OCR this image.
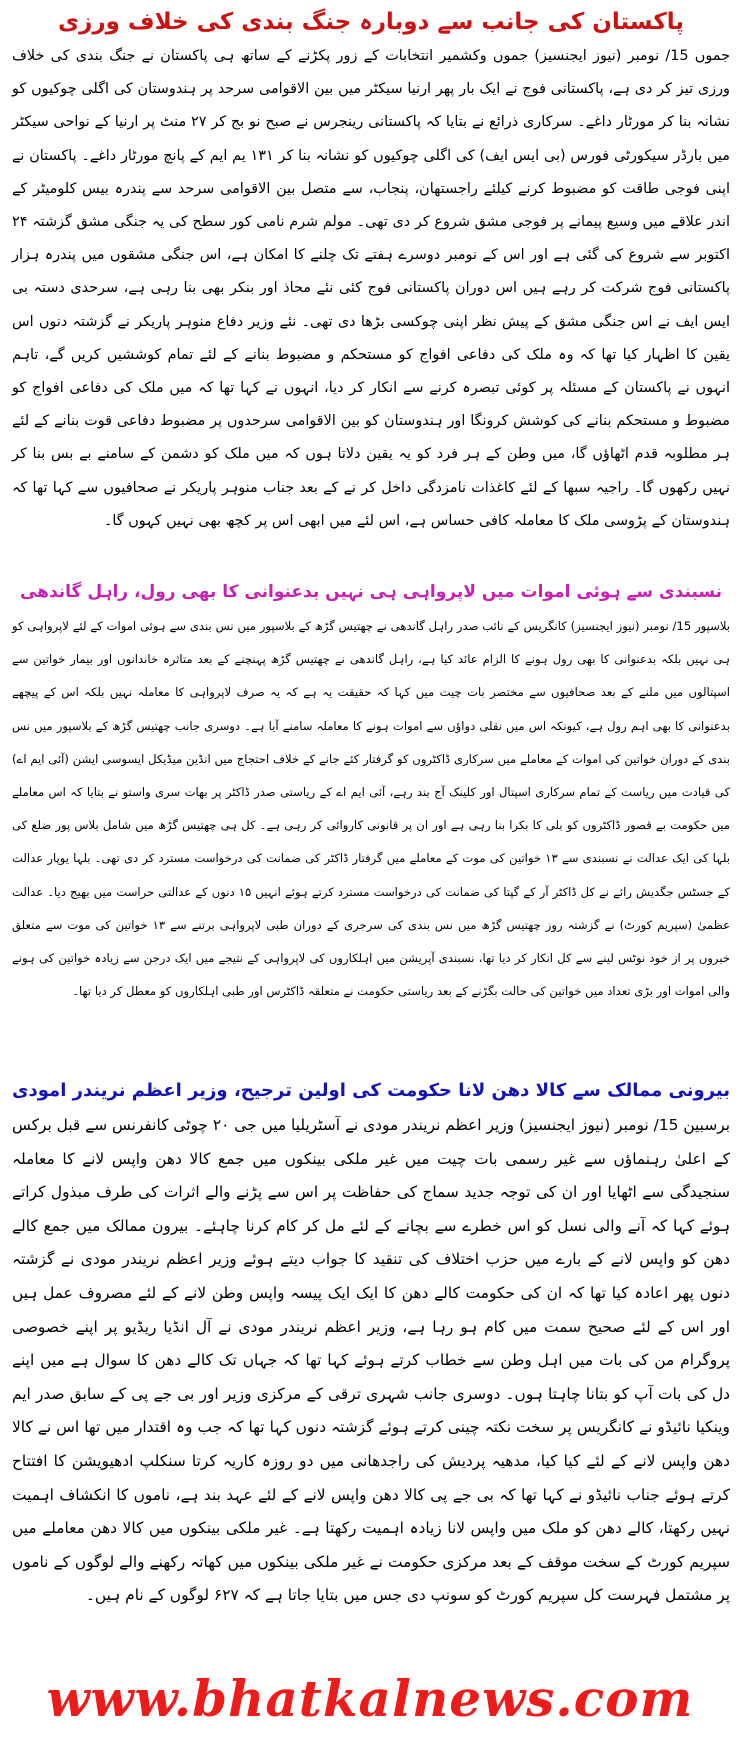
پاکستان کی جانب سے دوبارہ جنگ بندی کی خلاف ورزی

جموں 15/ نومبر (نیوز ایجنسیز) جموں وکشمیر انتخابات کے زور پکڑنے کے ساتھ ہی پاکستان نے جنگ بندی کی خلاف ورزی تیز کر دی ہے، پاکستانی فوج نے ایک بار پھر ارنیا سیکٹر میں بین الاقوامی سرحد پر ہندوستان کی اگلی چوکیوں کو نشانہ بنا کر مورٹار داغے۔ سرکاری ذرائع نے بتایا کہ پاکستانی رینجرس نے صبح نو بج کر ۲۷ منٹ پر ارنیا کے نواحی سیکٹر میں بارڈر سیکورٹی فورس (بی ایس ایف) کی اگلی چوکیوں کو نشانہ بنا کر ۱۳۱ یم ایم کے پانچ مورٹار داغے۔ پاکستان نے اپنی فوجی طاقت کو مضبوط کرنے کیلئے راجستھان، پنجاب، سے متصل بین الاقوامی سرحد سے پندرہ بیس کلومیٹر کے اندر علاقے میں وسیع پیمانے پر فوجی مشق شروع کر دی تھی۔ مولم شرم نامی کور سطح کی یہ جنگی مشق گزشتہ ۲۴ اکتوبر سے شروع کی گئی ہے اور اس کے نومبر دوسرے ہفتے تک چلنے کا امکان ہے، اس جنگی مشقوں میں پندرہ ہزار پاکستانی فوج شرکت کر رہے ہیں اس دوران پاکستانی فوج کئی نئے محاذ اور بنکر بھی بنا رہی ہے، سرحدی دستہ بی ایس ایف نے اس جنگی مشق کے پیش نظر اپنی چوکسی بڑھا دی تھی۔ نئے وزیر دفاع منوہر پاریکر نے گزشتہ دنوں اس یقین کا اظہار کیا تھا کہ وہ ملک کی دفاعی افواج کو مستحکم و مضبوط بنانے کے لئے تمام کوششیں کریں گے، تاہم انہوں نے پاکستان کے مسئلہ پر کوئی تبصرہ کرنے سے انکار کر دیا، انہوں نے کہا تھا کہ میں ملک کی دفاعی افواج کو مضبوط و مستحکم بنانے کی کوشش کرونگا اور ہندوستان کو بین الاقوامی سرحدوں پر مضبوط دفاعی قوت بنانے کے لئے ہر مطلوبہ قدم اٹھاؤں گا، میں وطن کے ہر فرد کو یہ یقین دلاتا ہوں کہ میں ملک کو دشمن کے سامنے بے بس بنا کر نہیں رکھوں گا۔ راجیہ سبھا کے لئے کاغذات نامزدگی داخل کر نے کے بعد جناب منوہر پاریکر نے صحافیوں سے کہا تھا کہ ہندوستان کے پڑوسی ملک کا معاملہ کافی حساس ہے، اس لئے میں ابھی اس پر کچھ بھی نہیں کہوں گا۔

نسبندی سے ہوئی اموات میں لاپرواہی ہی نہیں بدعنوانی کا بھی رول، راہل گاندھی

بلاسپور 15/ نومبر (نیوز ایجنسیز) کانگریس کے نائب صدر راہل گاندھی نے چھتیس گڑھ کے بلاسپور میں نس بندی سے ہوئی اموات کے لئے لاپرواہی کو ہی نہیں بلکہ بدعنوانی کا بھی رول ہونے کا الزام عائد کیا ہے، راہل گاندھی نے چھتیس گڑھ پہنچنے کے بعد متاثرہ خاندانوں اور بیمار خواتین سے اسپتالوں میں ملنے کے بعد صحافیوں سے مختصر بات چیت میں کہا کہ حقیقت یہ ہے کہ یہ صرف لاپرواہی کا معاملہ نہیں بلکہ اس کے پیچھے بدعنوانی کا بھی اہم رول ہے، کیونکہ اس میں نقلی دواؤں سے اموات ہونے کا معاملہ سامنے آیا ہے۔ دوسری جانب چھتیس گڑھ کے بلاسپور میں نس بندی کے دوران خواتین کی اموات کے معاملے میں سرکاری ڈاکٹروں کو گرفتار کئے جانے کے خلاف احتجاج میں انڈین میڈیکل ایسوسی ایشن (آئی ایم اے) کی قیادت میں ریاست کے تمام سرکاری اسپتال اور کلینک آج بند رہے، آئی ایم اے کے ریاستی صدر ڈاکٹر پر بھات سری واستو نے بتایا کہ اس معاملے میں حکومت بے قصور ڈاکٹروں کو بلی کا بکرا بنا رہی ہے اور ان پر قانونی کاروائی کر رہی ہے۔ کل ہی چھتیس گڑھ میں شامل بلاس پور ضلع کی بلہا کی ایک عدالت نے نسبندی سے ۱۳ خواتین کی موت کے معاملے میں گرفتار ڈاکٹر کی ضمانت کی درخواست مسترد کر دی تھی۔ بلہا یوپار عدالت کے جسٹس جگدیش رائے نے کل ڈاکٹر آر کے گپتا کی ضمانت کی درخواست مسترد کرتے ہوئے انہیں ۱۵ دنوں کے عدالتی حراست میں بھیج دیا۔ عدالت عظمیٰ (سپریم کورٹ) نے گزشتہ روز چھتیس گڑھ میں نس بندی کی سرجری کے دوران طبی لاپرواہی برتنے سے ۱۳ خواتین کی موت سے متعلق خبروں پر از خود نوٹس لینے سے کل انکار کر دیا تھا، نسبندی آپریشن میں اہلکاروں کی لاپرواہی کے نتیجے میں ایک درجن سے زیادہ خواتین کی ہونے والی اموات اور بڑی تعداد میں خواتین کی حالت بگڑنے کے بعد ریاستی حکومت نے متعلقہ ڈاکٹرس اور طبی اہلکاروں کو معطل کر دیا تھا۔

بیرونی ممالک سے کالا دھن لانا حکومت کی اولین ترجیح، وزیر اعظم نریندر امودی

برسبین 15/ نومبر (نیوز ایجنسیز) وزیر اعظم نریندر مودی نے آسٹریلیا میں جی ۲۰ چوٹی کانفرنس سے قبل برکس کے اعلیٰ رہنماؤں سے غیر رسمی بات چیت میں غیر ملکی بینکوں میں جمع کالا دھن واپس لانے کا معاملہ سنجیدگی سے اٹھایا اور ان کی توجہ جدید سماج کی حفاظت پر اس سے پڑنے والے اثرات کی طرف مبذول کراتے ہوئے کہا کہ آنے والی نسل کو اس خطرے سے بچانے کے لئے مل کر کام کرنا چاہئے۔ بیرون ممالک میں جمع کالے دھن کو واپس لانے کے بارے میں حزب اختلاف کی تنقید کا جواب دیتے ہوئے وزیر اعظم نریندر مودی نے گزشتہ دنوں پھر اعادہ کیا تھا کہ ان کی حکومت کالے دھن کا ایک ایک پیسہ واپس وطن لانے کے لئے مصروف عمل ہیں اور اس کے لئے صحیح سمت میں کام ہو رہا ہے، وزیر اعظم نریندر مودی نے آل انڈیا ریڈیو پر اپنے خصوصی پروگرام من کی بات میں اہل وطن سے خطاب کرتے ہوئے کہا تھا کہ جہاں تک کالے دھن کا سوال ہے میں اپنے دل کی بات آپ کو بتانا چاہتا ہوں۔ دوسری جانب شہری ترقی کے مرکزی وزیر اور بی جے پی کے سابق صدر ایم وینکیا نائیڈو نے کانگریس پر سخت نکتہ چینی کرتے ہوئے گزشتہ دنوں کہا تھا کہ جب وہ اقتدار میں تھا اس نے کالا دھن واپس لانے کے لئے کیا کیا، مدھیہ پردیش کی راجدھانی میں دو روزہ کاریہ کرتا سنکلپ ادھیویشن کا افتتاح کرتے ہوئے جناب نائیڈو نے کہا تھا کہ بی جے پی کالا دھن واپس لانے کے لئے عہد بند ہے، ناموں کا انکشاف اہمیت نہیں رکھتا، کالے دھن کو ملک میں واپس لانا زیادہ اہمیت رکھتا ہے۔ غیر ملکی بینکوں میں کالا دھن معاملے میں سپریم کورٹ کے سخت موقف کے بعد مرکزی حکومت نے غیر ملکی بینکوں میں کھاتہ رکھنے والے لوگوں کے ناموں پر مشتمل فہرست کل سپریم کورٹ کو سونپ دی جس میں بتایا جاتا ہے کہ ۶۲۷ لوگوں کے نام ہیں۔

www.bhatkalnews.com
